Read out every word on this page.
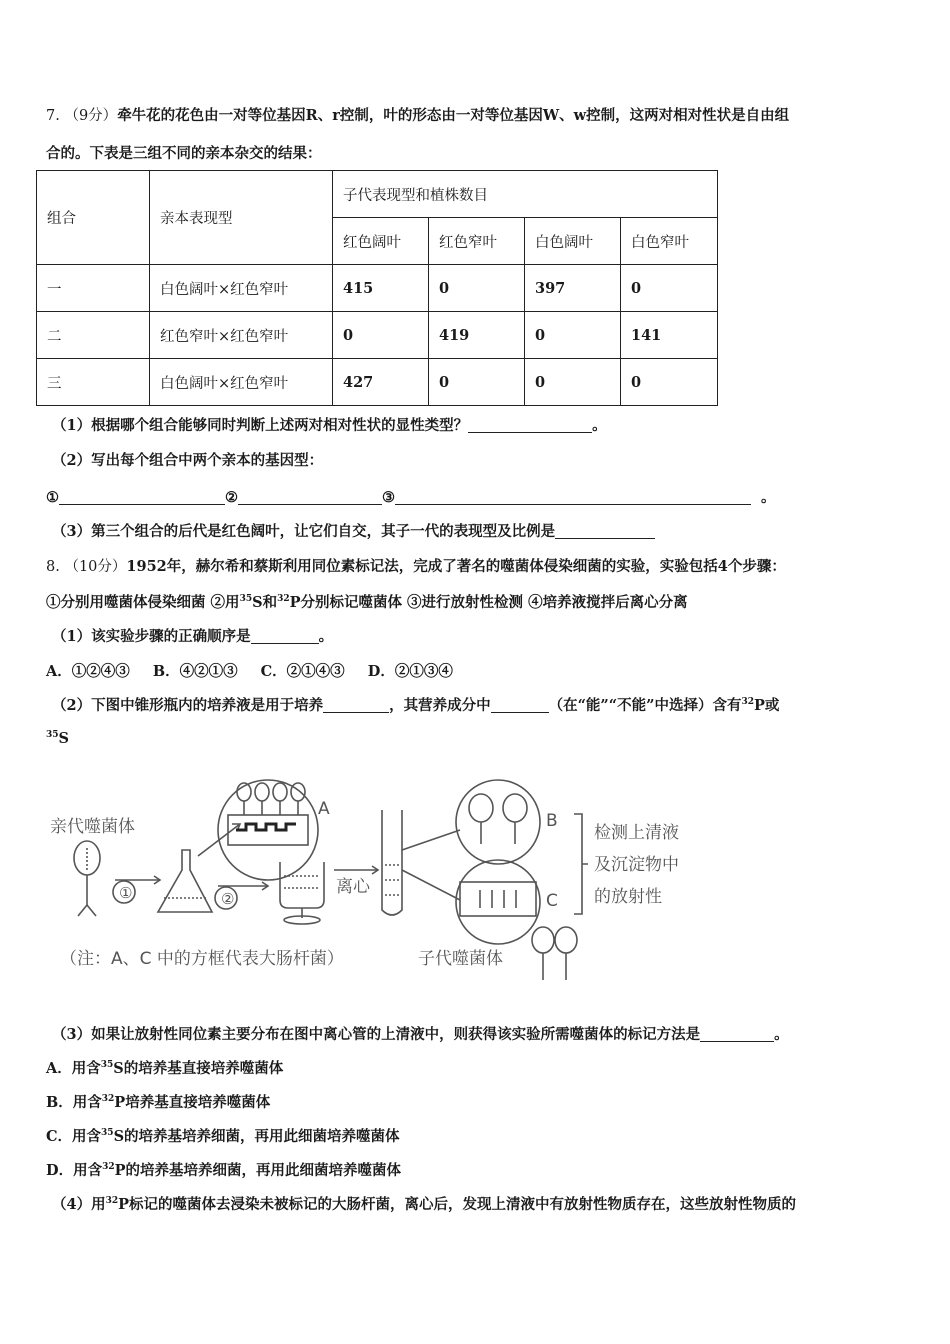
7. （9分）牵牛花的花色由一对等位基因R、r控制，叶的形态由一对等位基因W、w控制，这两对相对性状是自由组
合的。下表是三组不同的亲本杂交的结果：
组合	亲本表现型	子代表现型和植株数目			
		红色阔叶	红色窄叶	白色阔叶	白色窄叶
一	白色阔叶×红色窄叶	415	0	397	0
二	红色窄叶×红色窄叶	0	419	0	141
三	白色阔叶×红色窄叶	427	0	0	0
（1）根据哪个组合能够同时判断上述两对相对性状的显性类型？	。
（2）写出每个组合中两个亲本的基因型：
①	②	③	。
（3）第三个组合的后代是红色阔叶，让它们自交，其子一代的表现型及比例是
8. （10分）1952年，赫尔希和蔡斯利用同位素标记法，完成了著名的噬菌体侵染细菌的实验，实验包括4个步骤：
①分别用噬菌体侵染细菌 ②用$^{35}$S和$^{32}$P分别标记噬菌体 ③进行放射性检测 ④培养液搅拌后离心分离
（1）该实验步骤的正确顺序是	。
A．①②④③ B．④②①③ C．②①④③ D．②①③④
（2）下图中锥形瓶内的培养液是用于培养	，其营养成分中	（在“能”“不能”中选择）含有$^{32}$P或
$^{35}$S
亲代噬菌体
①	②
A
离心
B
C
检测上清液
及沉淀物中
的放射性
（注：A、C 中的方框代表大肠杆菌）	子代噬菌体
（3）如果让放射性同位素主要分布在图中离心管的上清液中，则获得该实验所需噬菌体的标记方法是	。
A．用含$^{35}$S的培养基直接培养噬菌体
B．用含$^{32}$P培养基直接培养噬菌体
C．用含$^{35}$S的培养基培养细菌，再用此细菌培养噬菌体
D．用含$^{32}$P的培养基培养细菌，再用此细菌培养噬菌体
（4）用$^{32}$P标记的噬菌体去浸染未被标记的大肠杆菌，离心后，发现上清液中有放射性物质存在，这些放射性物质的
